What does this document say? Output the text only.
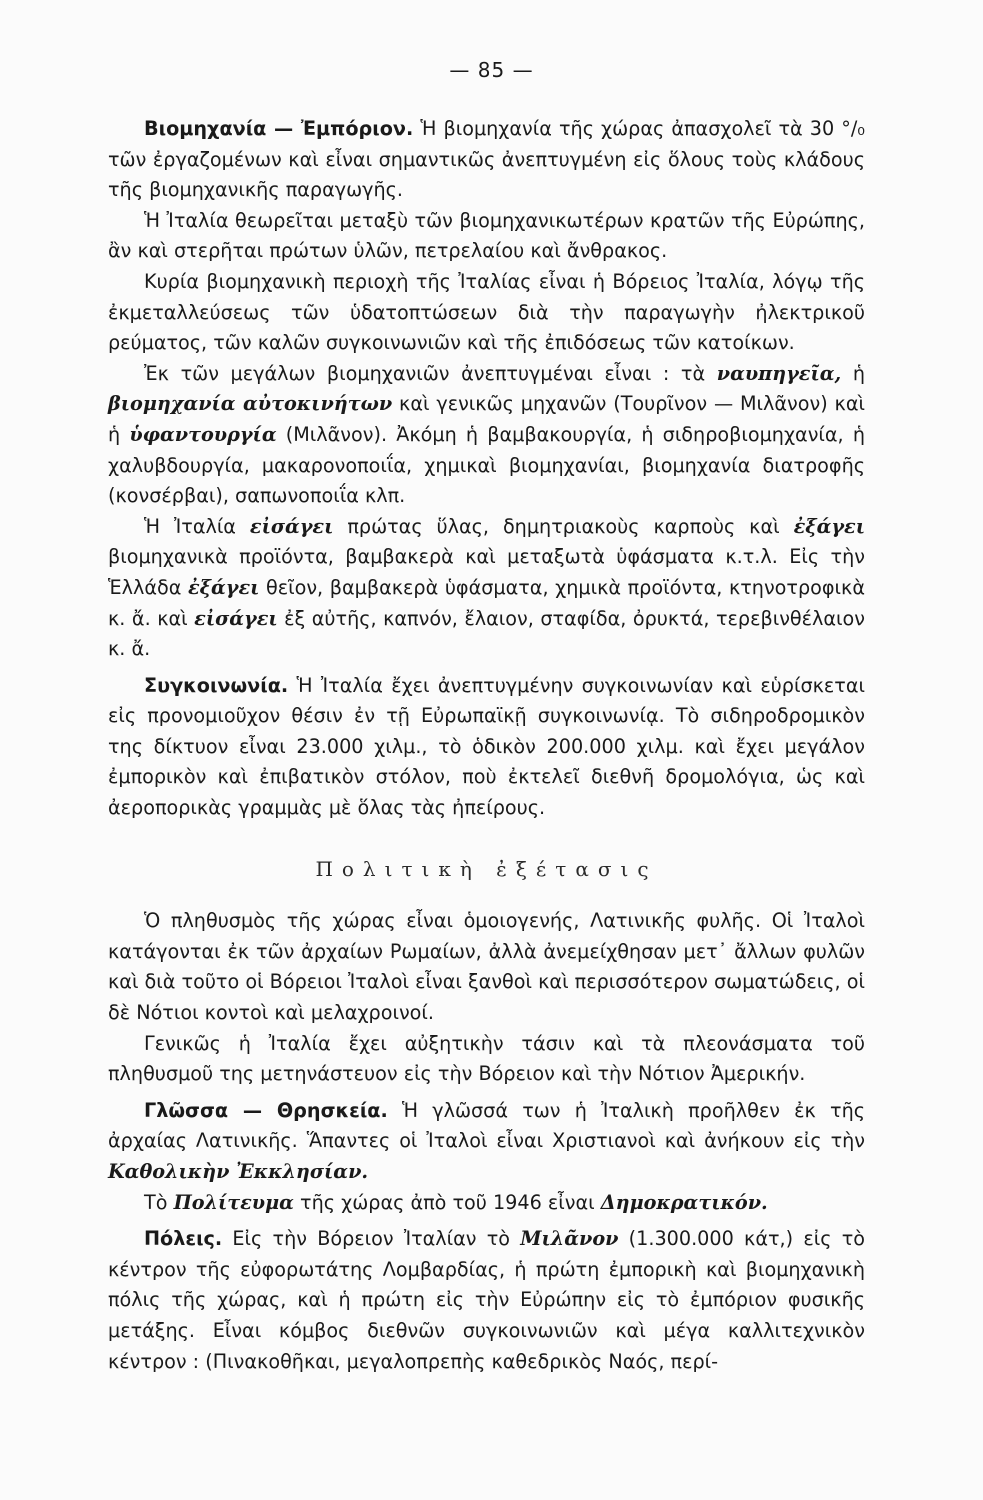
— 85 —

Βιομηχανία — Ἐμπόριον. Ἡ βιομηχανία τῆς χώρας ἀπασχολεῖ τὰ 30 °/₀ τῶν ἐργαζομένων καὶ εἶναι σημαντικῶς ἀνεπτυγμένη εἰς ὅλους τοὺς κλάδους τῆς βιομηχανικῆς παραγωγῆς.

Ἡ Ἰταλία θεωρεῖται μεταξὺ τῶν βιομηχανικωτέρων κρατῶν τῆς Εὐρώπης, ἂν καὶ στερῆται πρώτων ὑλῶν, πετρελαίου καὶ ἄνθρακος.

Κυρία βιομηχανικὴ περιοχὴ τῆς Ἰταλίας εἶναι ἡ Βόρειος Ἰταλία, λόγῳ τῆς ἐκμεταλλεύσεως τῶν ὑδατοπτώσεων διὰ τὴν παραγωγὴν ἠλεκτρικοῦ ρεύματος, τῶν καλῶν συγκοινωνιῶν καὶ τῆς ἐπιδόσεως τῶν κατοίκων.

Ἐκ τῶν μεγάλων βιομηχανιῶν ἀνεπτυγμέναι εἶναι : τὰ ναυπηγεῖα, ἡ βιομηχανία αὐτοκινήτων καὶ γενικῶς μηχανῶν (Τουρῖνον — Μιλᾶνον) καὶ ἡ ὑφαντουργία (Μιλᾶνον). Ἀκόμη ἡ βαμβακουργία, ἡ σιδηροβιομηχανία, ἡ χαλυβδουργία, μακαρονοποιΐα, χημικαὶ βιομηχανίαι, βιομηχανία διατροφῆς (κονσέρβαι), σαπωνοποιΐα κλπ.

Ἡ Ἰταλία εἰσάγει πρώτας ὕλας, δημητριακοὺς καρποὺς καὶ ἐξάγει βιομηχανικὰ προϊόντα, βαμβακερὰ καὶ μεταξωτὰ ὑφάσματα κ.τ.λ. Εἰς τὴν Ἑλλάδα ἐξάγει θεῖον, βαμβακερὰ ὑφάσματα, χημικὰ προϊόντα, κτηνοτροφικὰ κ. ἄ. καὶ εἰσάγει ἐξ αὐτῆς, καπνόν, ἔλαιον, σταφίδα, ὀρυκτά, τερεβινθέλαιον κ. ἄ.

Συγκοινωνία. Ἡ Ἰταλία ἔχει ἀνεπτυγμένην συγκοινωνίαν καὶ εὑρίσκεται εἰς προνομιοῦχον θέσιν ἐν τῇ Εὐρωπαϊκῇ συγκοινωνίᾳ. Τὸ σιδηροδρομικὸν της δίκτυον εἶναι 23.000 χιλμ., τὸ ὁδικὸν 200.000 χιλμ. καὶ ἔχει μεγάλον ἐμπορικὸν καὶ ἐπιβατικὸν στόλον, ποὺ ἐκτελεῖ διεθνῆ δρομολόγια, ὡς καὶ ἀεροπορικὰς γραμμὰς μὲ ὅλας τὰς ἠπείρους.

Πολιτικὴ ἐξέτασις

Ὁ πληθυσμὸς τῆς χώρας εἶναι ὁμοιογενής, Λατινικῆς φυλῆς. Οἱ Ἰταλοὶ κατάγονται ἐκ τῶν ἀρχαίων Ρωμαίων, ἀλλὰ ἀνεμείχθησαν μετ᾿ ἄλλων φυλῶν καὶ διὰ τοῦτο οἱ Βόρειοι Ἰταλοὶ εἶναι ξανθοὶ καὶ περισσότερον σωματώδεις, οἱ δὲ Νότιοι κοντοὶ καὶ μελαχροινοί.

Γενικῶς ἡ Ἰταλία ἔχει αὐξητικὴν τάσιν καὶ τὰ πλεονάσματα τοῦ πληθυσμοῦ της μετηνάστευον εἰς τὴν Βόρειον καὶ τὴν Νότιον Ἀμερικήν.

Γλῶσσα — Θρησκεία. Ἡ γλῶσσά των ἡ Ἰταλικὴ προῆλθεν ἐκ τῆς ἀρχαίας Λατινικῆς. Ἅπαντες οἱ Ἰταλοὶ εἶναι Χριστιανοὶ καὶ ἀνήκουν εἰς τὴν Καθολικὴν Ἐκκλησίαν.

Τὸ Πολίτευμα τῆς χώρας ἀπὸ τοῦ 1946 εἶναι Δημοκρατικόν.

Πόλεις. Εἰς τὴν Βόρειον Ἰταλίαν τὸ Μιλᾶνον (1.300.000 κάτ,) εἰς τὸ κέντρον τῆς εὐφορωτάτης Λομβαρδίας, ἡ πρώτη ἐμπορικὴ καὶ βιομηχανικὴ πόλις τῆς χώρας, καὶ ἡ πρώτη εἰς τὴν Εὐρώπην εἰς τὸ ἐμπόριον φυσικῆς μετάξης. Εἶναι κόμβος διεθνῶν συγκοινωνιῶν καὶ μέγα καλλιτεχνικὸν κέντρον : (Πινακοθῆκαι, μεγαλοπρεπὴς καθεδρικὸς Ναός, περί-
